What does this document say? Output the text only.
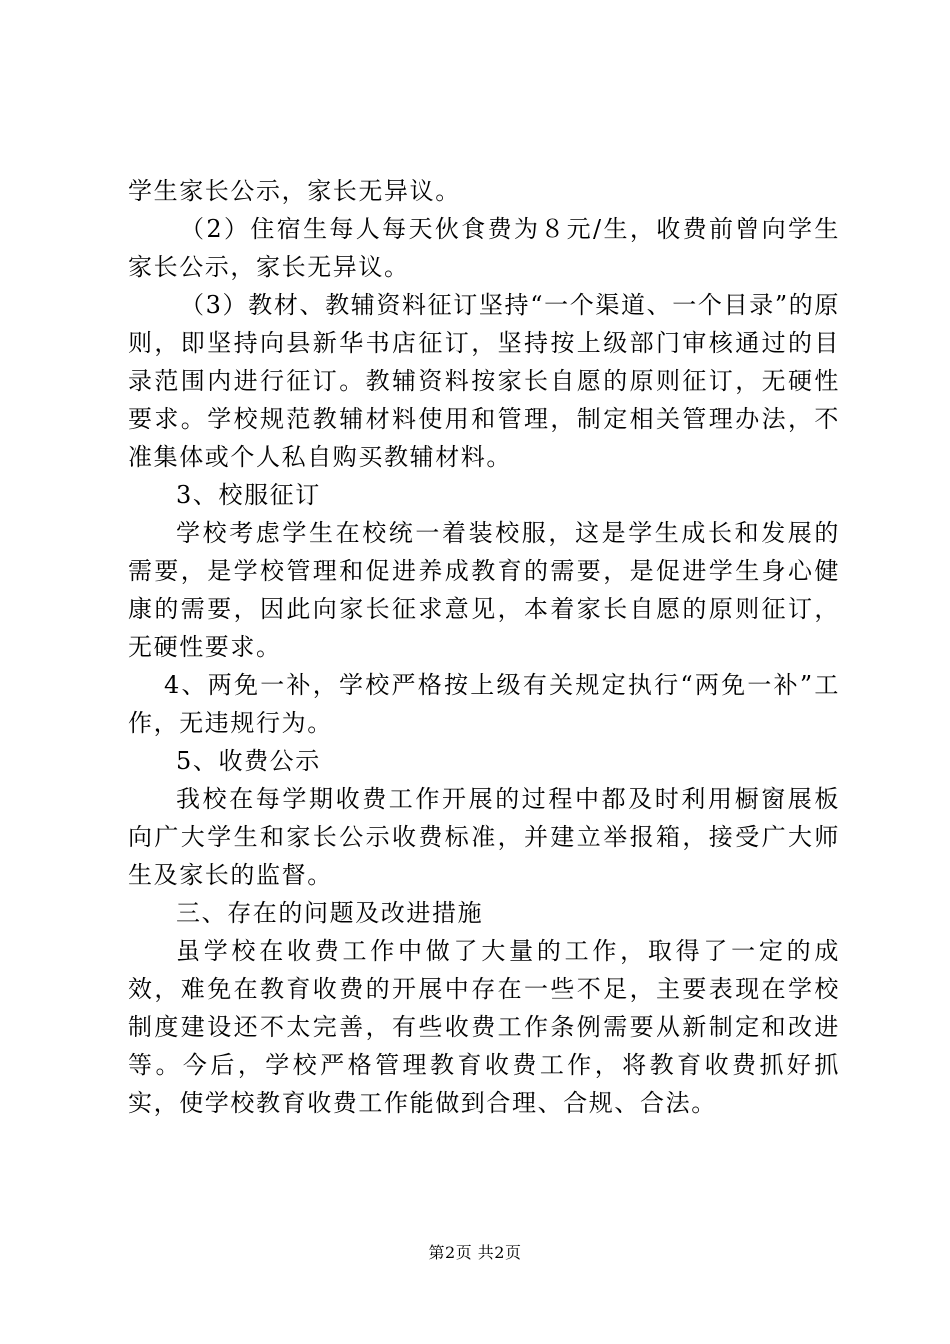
学生家长公示，家长无异议。

（2）住宿生每人每天伙食费为８元/生，收费前曾向学生家长公示，家长无异议。

（3）教材、教辅资料征订坚持“一个渠道、一个目录”的原则，即坚持向县新华书店征订，坚持按上级部门审核通过的目录范围内进行征订。教辅资料按家长自愿的原则征订，无硬性要求。学校规范教辅材料使用和管理，制定相关管理办法，不准集体或个人私自购买教辅材料。

3、校服征订

学校考虑学生在校统一着装校服，这是学生成长和发展的需要，是学校管理和促进养成教育的需要，是促进学生身心健康的需要，因此向家长征求意见，本着家长自愿的原则征订，无硬性要求。

4、两免一补，学校严格按上级有关规定执行“两免一补”工作，无违规行为。

5、收费公示

我校在每学期收费工作开展的过程中都及时利用橱窗展板向广大学生和家长公示收费标准，并建立举报箱，接受广大师生及家长的监督。

三、存在的问题及改进措施

虽学校在收费工作中做了大量的工作，取得了一定的成效，难免在教育收费的开展中存在一些不足，主要表现在学校制度建设还不太完善，有些收费工作条例需要从新制定和改进等。今后，学校严格管理教育收费工作，将教育收费抓好抓实，使学校教育收费工作能做到合理、合规、合法。

第2页 共2页
